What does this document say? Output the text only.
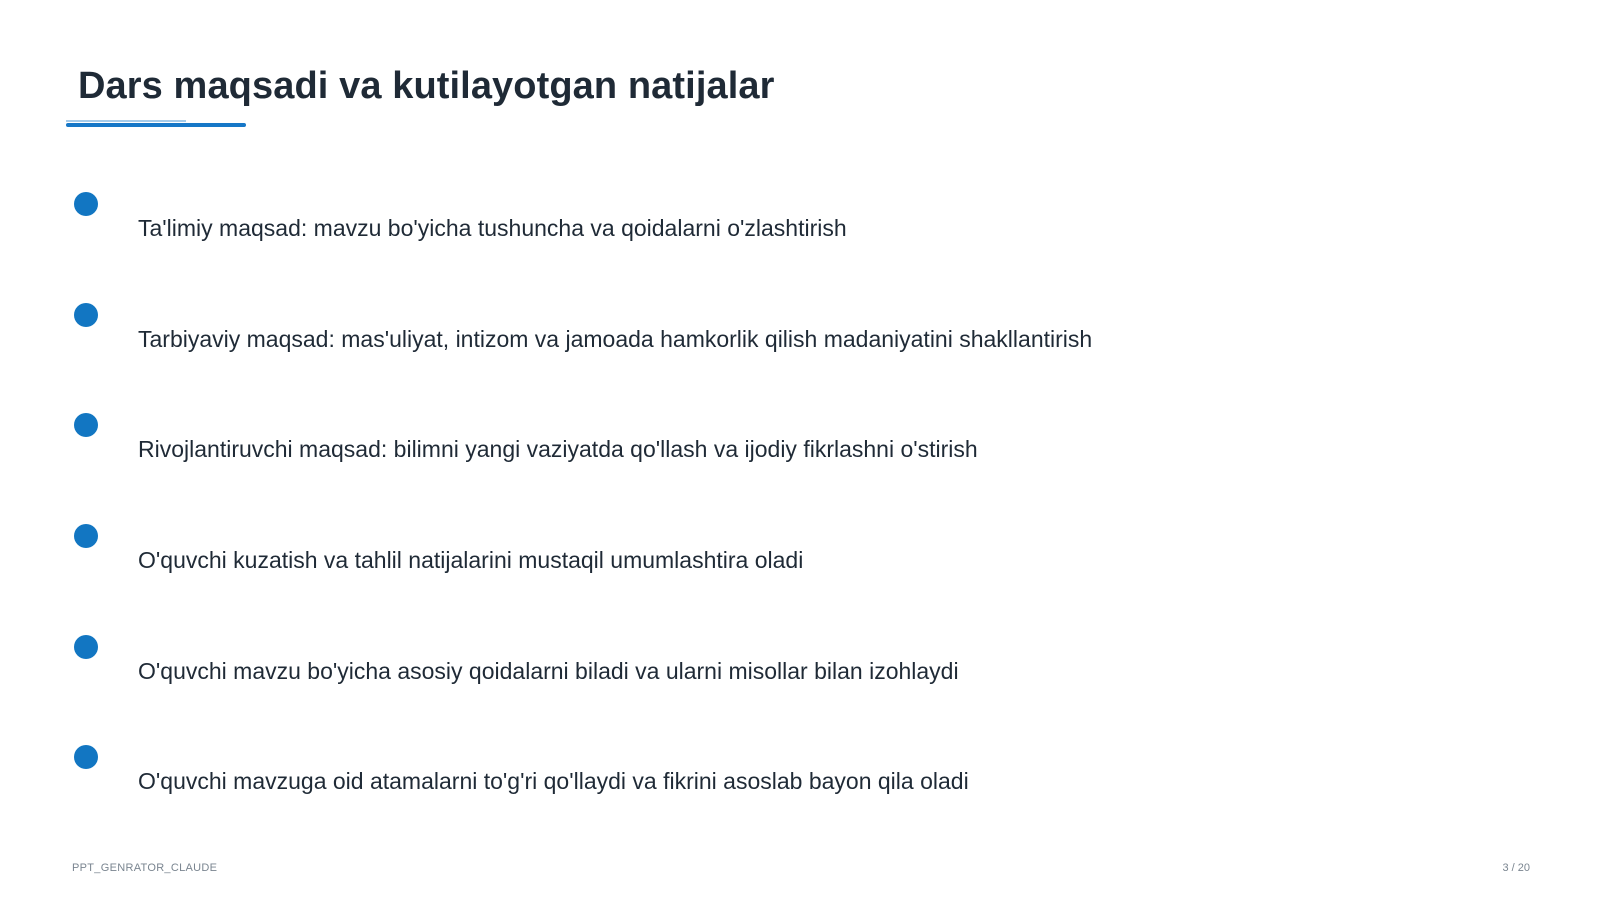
Dars maqsadi va kutilayotgan natijalar
Ta'limiy maqsad: mavzu bo'yicha tushuncha va qoidalarni o'zlashtirish
Tarbiyaviy maqsad: mas'uliyat, intizom va jamoada hamkorlik qilish madaniyatini shakllantirish
Rivojlantiruvchi maqsad: bilimni yangi vaziyatda qo'llash va ijodiy fikrlashni o'stirish
O'quvchi kuzatish va tahlil natijalarini mustaqil umumlashtira oladi
O'quvchi mavzu bo'yicha asosiy qoidalarni biladi va ularni misollar bilan izohlaydi
O'quvchi mavzuga oid atamalarni to'g'ri qo'llaydi va fikrini asoslab bayon qila oladi
PPT_GENRATOR_CLAUDE	3 / 20
